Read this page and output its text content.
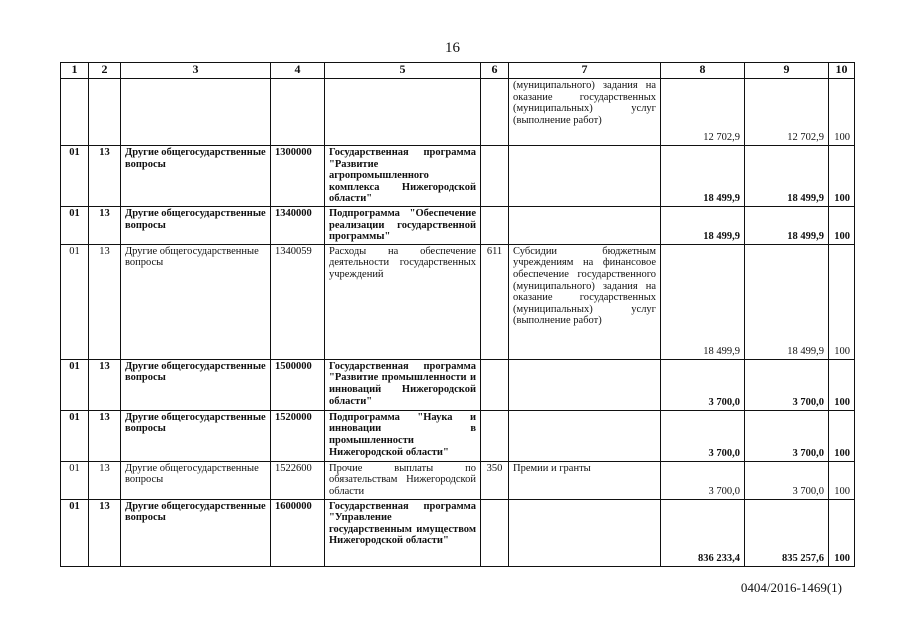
16
1	2	3	4	5	6	7	8	9	10
						(муниципального) задания на оказание государственных (муниципальных) услуг (выполнение работ)	12 702,9	12 702,9	100
01	13	Другие общегосударственные вопросы	1300000	Государственная программа "Развитие агропромышленного комплекса Нижегородской области"			18 499,9	18 499,9	100
01	13	Другие общегосударственные вопросы	1340000	Подпрограмма "Обеспечение реализации государственной программы"			18 499,9	18 499,9	100
01	13	Другие общегосударственные вопросы	1340059	Расходы на обеспечение деятельности государственных учреждений	611	Субсидии бюджетным учреждениям на финансовое обеспечение государственного (муниципального) задания на оказание государственных (муниципальных) услуг (выполнение работ)	18 499,9	18 499,9	100
01	13	Другие общегосударственные вопросы	1500000	Государственная программа "Развитие промышленности и инноваций Нижегородской области"			3 700,0	3 700,0	100
01	13	Другие общегосударственные вопросы	1520000	Подпрограмма "Наука и инновации в промышленности Нижегородской области"			3 700,0	3 700,0	100
01	13	Другие общегосударственные вопросы	1522600	Прочие выплаты по обязательствам Нижегородской области	350	Премии и гранты	3 700,0	3 700,0	100
01	13	Другие общегосударственные вопросы	1600000	Государственная программа "Управление государственным имуществом Нижегородской области"			836 233,4	835 257,6	100
0404/2016-1469(1)
